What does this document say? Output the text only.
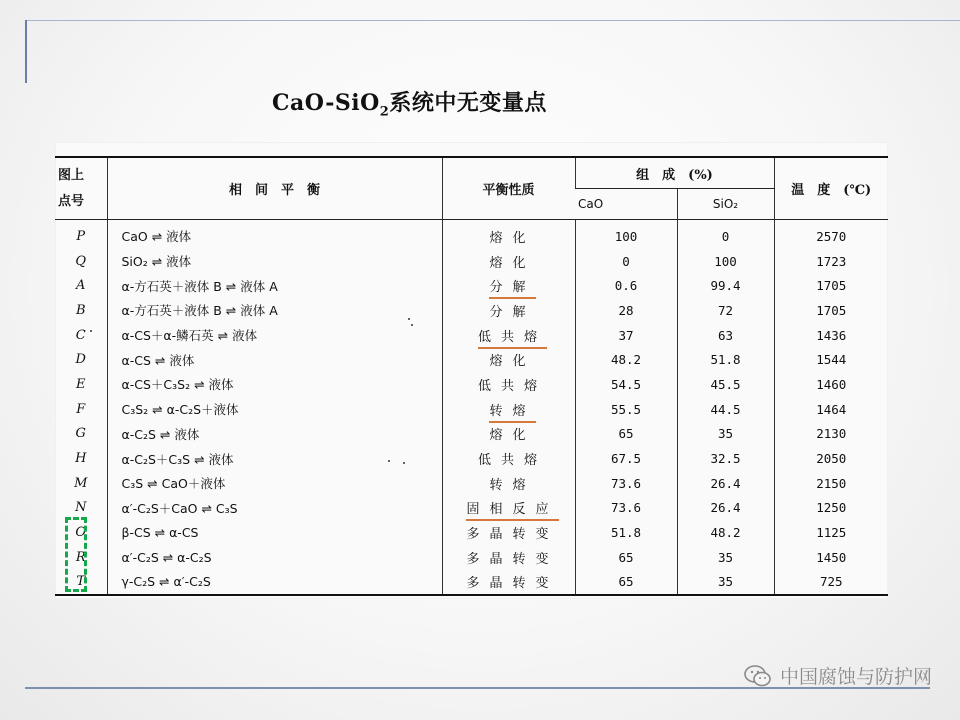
CaO-SiO$_2$系统中无变量点
图上
点号	相　间　平　衡	平衡性质	组　成　(%)		温　度　(℃)
			CaO	SiO₂	
P	CaO ⇌ 液体	熔化	100	0	2570
Q	SiO₂ ⇌ 液体	熔化	0	100	1723
A	α-方石英＋液体 B ⇌ 液体 A	分解	0.6	99.4	1705
B	α-方石英＋液体 B ⇌ 液体 A	分解	28	72	1705
C	α-CS＋α-鳞石英 ⇌ 液体	低共熔	37	63	1436
D	α-CS ⇌ 液体	熔化	48.2	51.8	1544
E	α-CS＋C₃S₂ ⇌ 液体	低共熔	54.5	45.5	1460
F	C₃S₂ ⇌ α-C₂S＋液体	转熔	55.5	44.5	1464
G	α-C₂S ⇌ 液体	熔化	65	35	2130
H	α-C₂S＋C₃S ⇌ 液体	低共熔	67.5	32.5	2050
M	C₃S ⇌ CaO＋液体	转熔	73.6	26.4	2150
N	α′-C₂S＋CaO ⇌ C₃S	固相反应	73.6	26.4	1250
O	β-CS ⇌ α-CS	多晶转变	51.8	48.2	1125
R	α′-C₂S ⇌ α-C₂S	多晶转变	65	35	1450
T	γ-C₂S ⇌ α′-C₂S	多晶转变	65	35	725
中国腐蚀与防护网
